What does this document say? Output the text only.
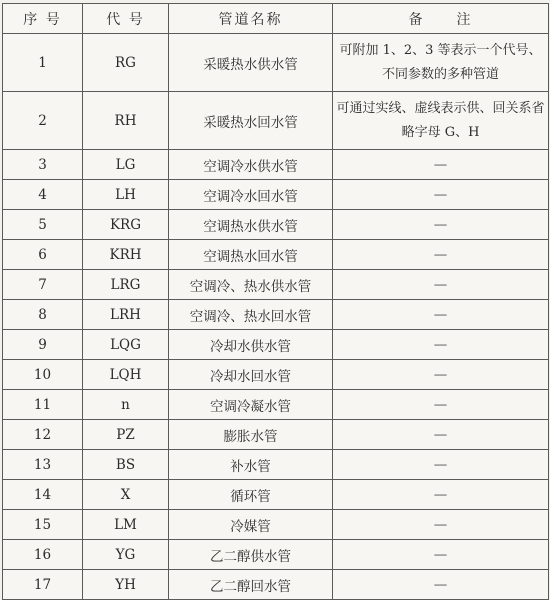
序 号	代 号	管道名称	备　　注
1	RG	采暖热水供水管	可附加 1、2、3 等表示一个代号、不同参数的多种管道
2	RH	采暖热水回水管	可通过实线、虚线表示供、回关系省略字母 G、H
3	LG	空调冷水供水管	—
4	LH	空调冷水回水管	—
5	KRG	空调热水供水管	—
6	KRH	空调热水回水管	—
7	LRG	空调冷、热水供水管	—
8	LRH	空调冷、热水回水管	—
9	LQG	冷却水供水管	—
10	LQH	冷却水回水管	—
11	n	空调冷凝水管	—
12	PZ	膨胀水管	—
13	BS	补水管	—
14	X	循环管	—
15	LM	冷媒管	—
16	YG	乙二醇供水管	—
17	YH	乙二醇回水管	—
